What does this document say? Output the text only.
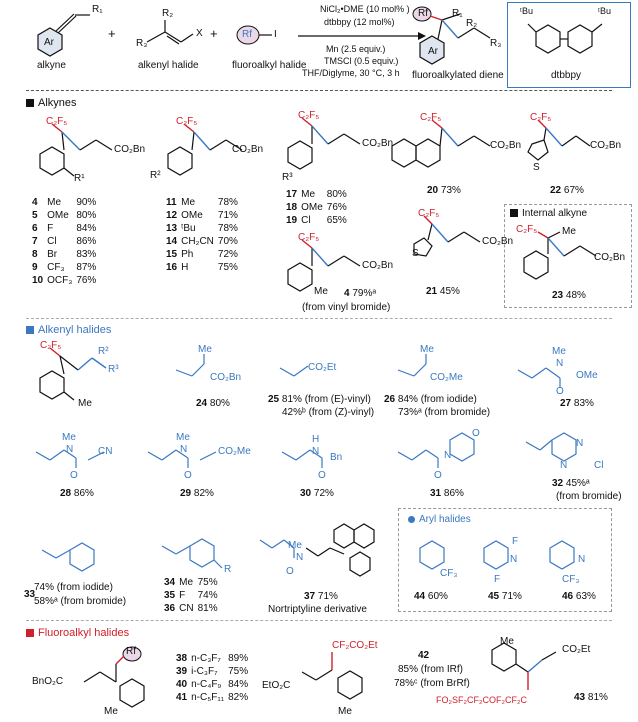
Ar
R₁
alkyne
+
R₂
R₃
X
alkenyl halide
+ Rf I
fluoroalkyl halide
NiCl₂•DME (10 mol% )
dtbbpy (12 mol%)
Mn (2.5 equiv.)
TMSCl (0.5 equiv.)
THF/Diglyme, 30 °C, 3 h
Rf
Ar
R₁
R₂
R₃
fluoroalkylated diene
ᵗBu	ᵗBu
dtbbpy
Alkynes
C₂F₅
CO₂Bn
R¹
4	Me	90%
5	OMe	80%
6	F	84%
7	Cl	86%
8	Br	83%
9	CF₃	87%
10	OCF₃	76%
C₂F₅
CO₂Bn
R²
11	Me	78%
12	OMe	71%
13	ᵗBu	78%
14	CH₂CN	70%
15	Ph	72%
16	H	75%
C₂F₅
CO₂Bn
R³
17	Me	80%
18	OMe	76%
19	Cl	65%
C₂F₅
CO₂Bn
Me 4 79%ᵃ
(from vinyl bromide)
C₂F₅
CO₂Bn
20 73%
C₂F₅
CO₂Bn
S
22 67%
C₂F₅
CO₂Bn
S
21 45%
Internal alkyne
C₂F₅ Me
CO₂Bn
23 48%
Alkenyl halides
C₂F₅
R²
R³
Me
Me
CO₂Bn
24 80%
CO₂Et
25 81% (from (E)-vinyl)
42%ᵇ (from (Z)-vinyl)
Me
CO₂Me
26 84% (from iodide)
73%ᵃ (from bromide)
Me
N
OMe
O
27 83%
Me
N CN
O
28 86%
Me
N	CO₂Me
O
29 82%
H
N
Bn
O
30 72%
N
O
O
31 86%
N
N	Cl
32 45%ᵃ
(from bromide)
74% (from iodide)
33
58%ᵃ (from bromide)
R
34	Me	75%
35	F	74%
36	CN	81%
Me
N
O
37 71%
Nortriptyline derivative
Aryl halides
CF₃
44 60%
F
N
F
45 71%
N
CF₃
46 63%
Fluoroalkyl halides
Rf
BnO₂C
Me
38	n-C₃F₇	89%
39	i-C₃F₇	75%
40	n-C₄F₉	84%
41	n-C₅F₁₁	82%
CF₂CO₂Et
EtO₂C
Me
42
85% (from IRf)
78%ᶜ (from BrRf)
Me
CO₂Et
FO₂SF₂CF₂COF₂CF₂C	43 81%
